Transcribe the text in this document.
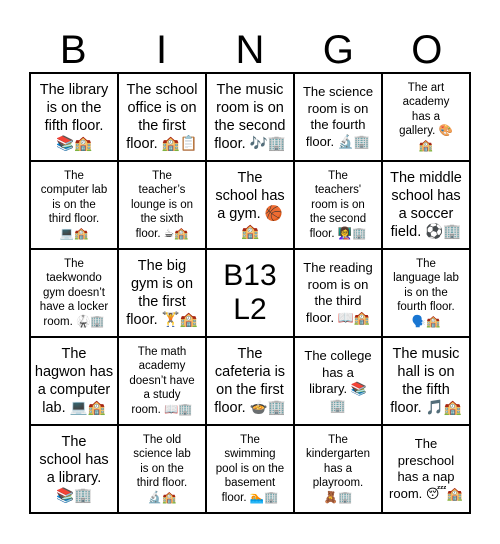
B	I	N	G	O
The library
is on the
fifth floor.
📚🏫
The school
office is on
the first
floor. 🏫📋
The music
room is on
the second
floor. 🎶🏢
The science
room is on
the fourth
floor. 🔬🏢
The art
academy
has a
gallery. 🎨
🏫
The
computer lab
is on the
third floor.
💻🏫
The
teacher’s
lounge is on
the sixth
floor. ☕🏫
The
school has
a gym. 🏀
🏫
The
teachers'
room is on
the second
floor. 👩‍🏫🏢
The middle
school has
a soccer
field. ⚽🏢
The
taekwondo
gym doesn’t
have a locker
room. 🥋🏢
The big
gym is on
the first
floor. 🏋️🏫
B13
L2
The reading
room is on
the third
floor. 📖🏫
The
language lab
is on the
fourth floor.
🗣️🏫
The
hagwon has
a computer
lab. 💻🏫
The math
academy
doesn’t have
a study
room. 📖🏢
The
cafeteria is
on the first
floor. 🍲🏢
The college
has a
library. 📚
🏢
The music
hall is on
the fifth
floor. 🎵🏫
The
school has
a library.
📚🏢
The old
science lab
is on the
third floor.
🔬🏫
The
swimming
pool is on the
basement
floor. 🏊🏢
The
kindergarten
has a
playroom.
🧸🏢
The
preschool
has a nap
room. 😴🏫
